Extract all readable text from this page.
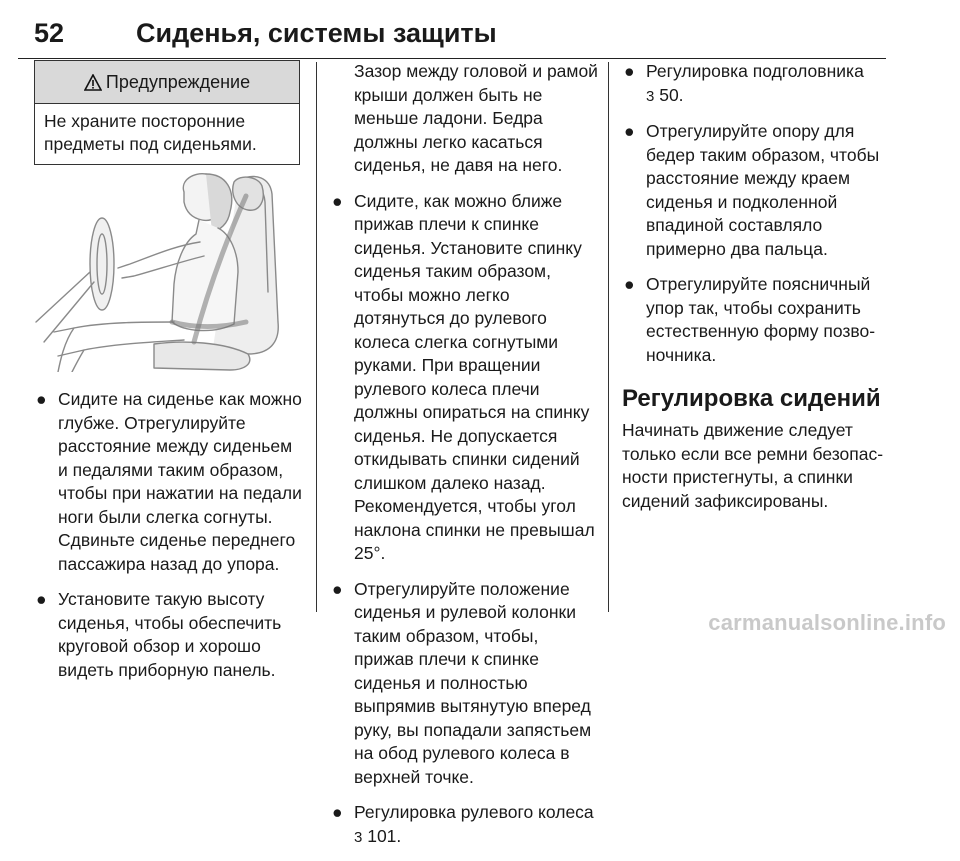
52	Сиденья, системы защиты
Предупреждение
Не храните посторонние предметы под сиденьями.
● Сидите на сиденье как можно глубже. Отрегулируйте расстояние между сиденьем и педалями таким образом, чтобы при нажатии на педали ноги были слегка согнуты. Сдвиньте сиденье переднего пассажира назад до упора.
● Установите такую высоту сиденья, чтобы обеспечить круговой обзор и хорошо видеть приборную панель.

Зазор между головой и рамой крыши должен быть не меньше ладони. Бедра должны легко касаться сиденья, не давя на него.

● Сидите, как можно ближе прижав плечи к спинке сиденья. Установите спинку сиденья таким образом, чтобы можно легко дотянуться до рулевого колеса слегка согнутыми руками. При вращении рулевого колеса плечи должны опираться на спинку сиденья. Не допускается откидывать спинки сидений слишком далеко назад. Рекомендуется, чтобы угол наклона спинки не превышал 25°.
● Отрегулируйте положение сиденья и рулевой колонки таким образом, чтобы, прижав плечи к спинке сиденья и полностью выпрямив вытянутую вперед руку, вы попадали запястьем на обод рулевого колеса в верхней точке.
● Регулировка рулевого колеса
3 101.
● Регулировка подголовника
3 50.
● Отрегулируйте опору для бедер таким образом, чтобы расстояние между краем сиденья и подколенной впадиной составляло примерно два пальца.
● Отрегулируйте поясничный упор так, чтобы сохранить естественную форму позвоночника.
Регулировка сидений

Начинать движение следует только если все ремни безопасности пристегнуты, а спинки сидений зафиксированы.

carmanualsonline.info
